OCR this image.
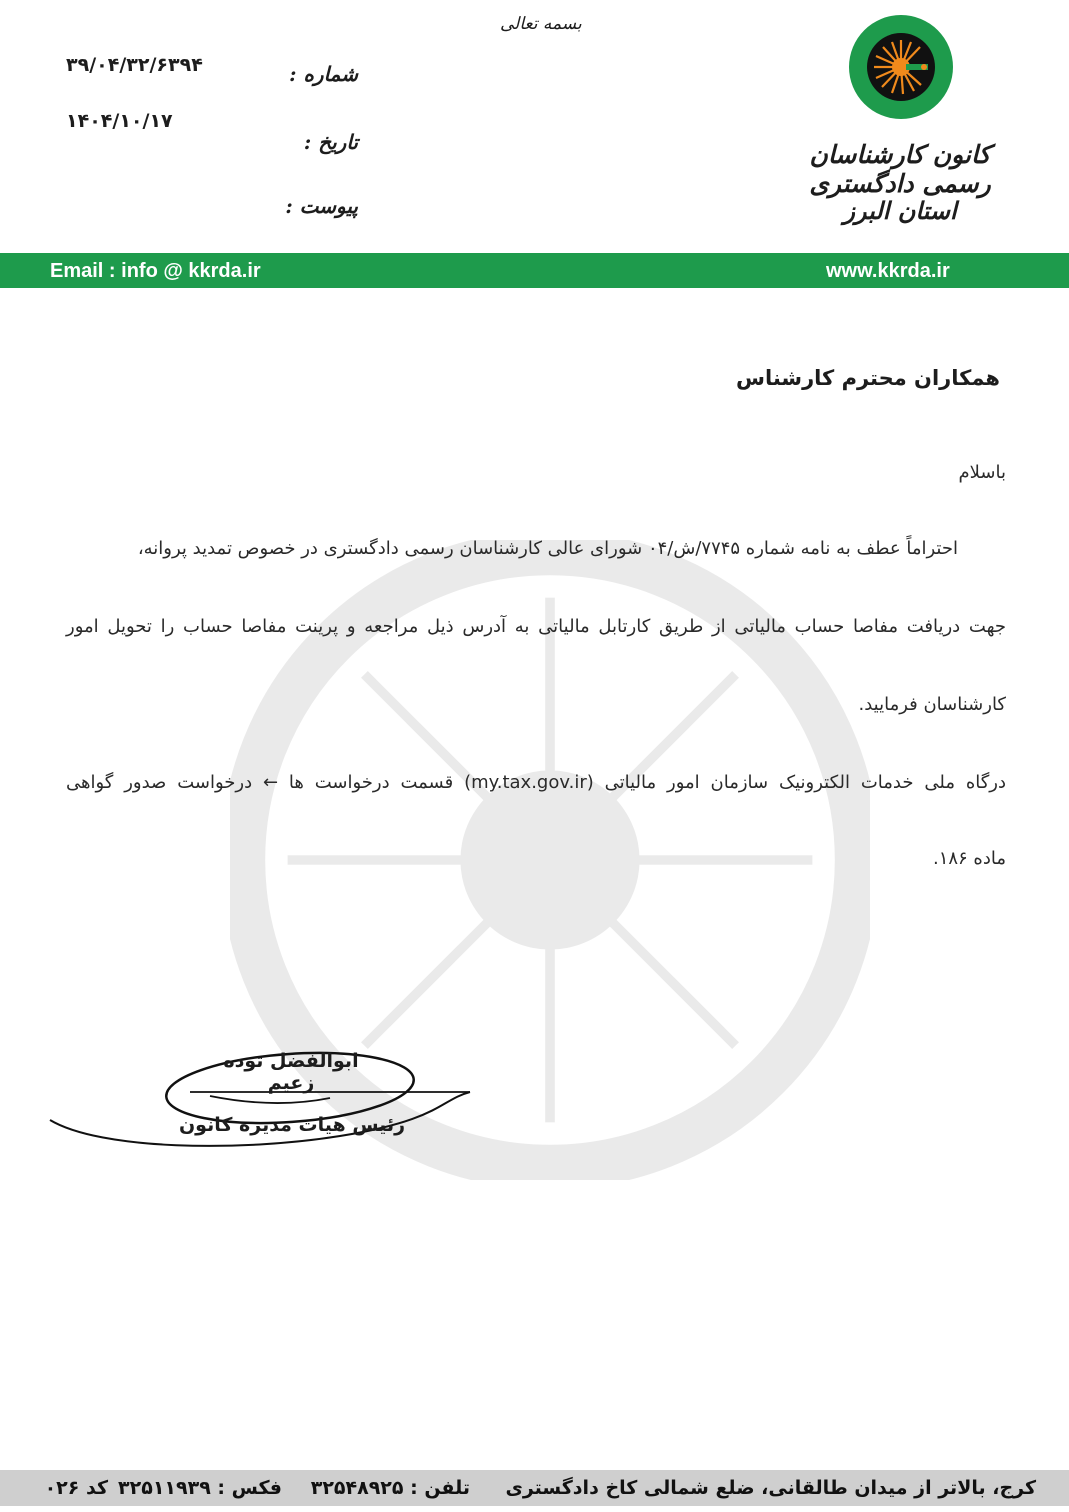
بسمه تعالی
کانون کارشناسان رسمی دادگستری
استان البرز
شماره :
تاریخ :
پیوست :
۳۹/۰۴/۳۲/۶۳۹۴
۱۴۰۴/۱۰/۱۷
Email : info @ kkrda.ir	www.kkrda.ir
همکاران محترم کارشناس
باسلام
احتراماً عطف به نامه شماره ۷۷۴۵/ش/۰۴ شورای عالی کارشناسان رسمی دادگستری در خصوص تمدید پروانه،
جهت دریافت مفاصا حساب مالیاتی از طریق کارتابل مالیاتی به آدرس ذیل مراجعه و پرینت مفاصا حساب را تحویل امور
کارشناسان فرمایید.
درگاه ملی خدمات الکترونیک سازمان امور مالیاتی (my.tax.gov.ir) قسمت درخواست ها ← درخواست صدور گواهی
ماده ۱۸۶.
ابوالفضل توده زعیم
رئیس هیات مدیره کانون
کرج، بالاتر از میدان طالقانی، ضلع شمالی کاخ دادگستری
تلفن : ۳۲۵۴۸۹۲۵
فکس : ۳۲۵۱۱۹۳۹
کد ۰۲۶
